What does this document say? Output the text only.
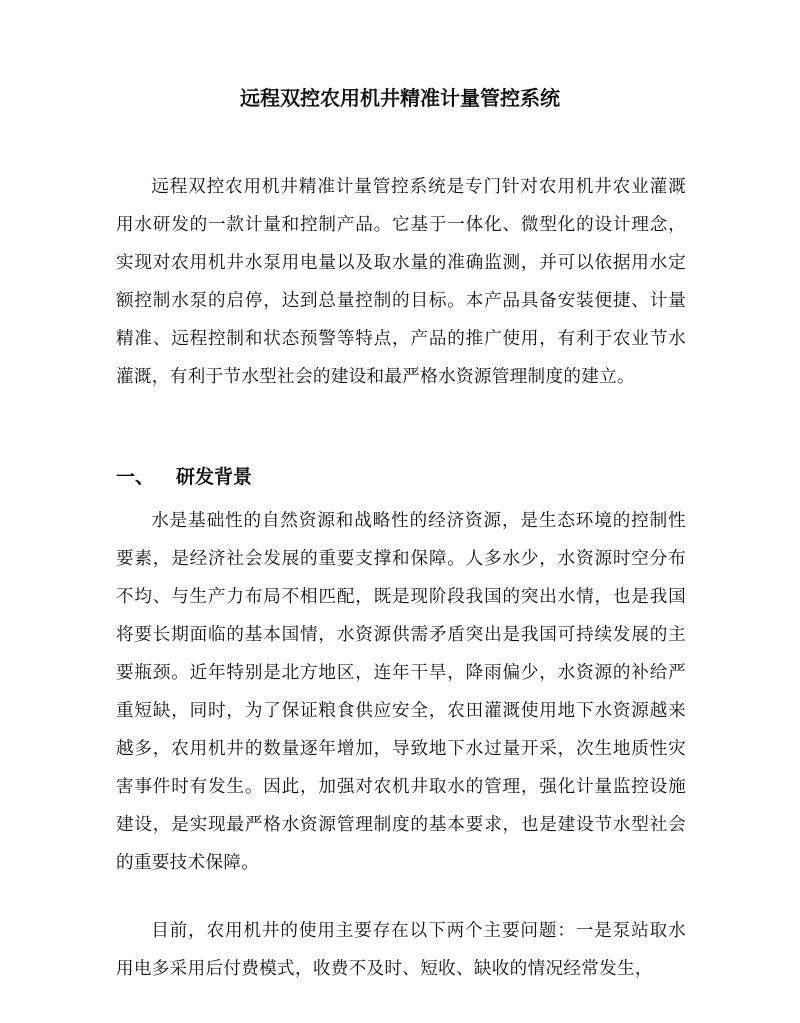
远程双控农用机井精准计量管控系统

远程双控农用机井精准计量管控系统是专门针对农用机井农业灌溉用水研发的一款计量和控制产品。它基于一体化、微型化的设计理念，实现对农用机井水泵用电量以及取水量的准确监测，并可以依据用水定额控制水泵的启停，达到总量控制的目标。本产品具备安装便捷、计量精准、远程控制和状态预警等特点，产品的推广使用，有利于农业节水灌溉，有利于节水型社会的建设和最严格水资源管理制度的建立。

一、 研发背景

水是基础性的自然资源和战略性的经济资源，是生态环境的控制性要素，是经济社会发展的重要支撑和保障。人多水少，水资源时空分布不均、与生产力布局不相匹配，既是现阶段我国的突出水情，也是我国将要长期面临的基本国情，水资源供需矛盾突出是我国可持续发展的主要瓶颈。近年特别是北方地区，连年干旱，降雨偏少，水资源的补给严重短缺，同时，为了保证粮食供应安全，农田灌溉使用地下水资源越来越多，农用机井的数量逐年增加，导致地下水过量开采，次生地质性灾害事件时有发生。因此，加强对农机井取水的管理，强化计量监控设施建设，是实现最严格水资源管理制度的基本要求，也是建设节水型社会的重要技术保障。

目前，农用机井的使用主要存在以下两个主要问题：一是泵站取水用电多采用后付费模式，收费不及时、短收、缺收的情况经常发生，
